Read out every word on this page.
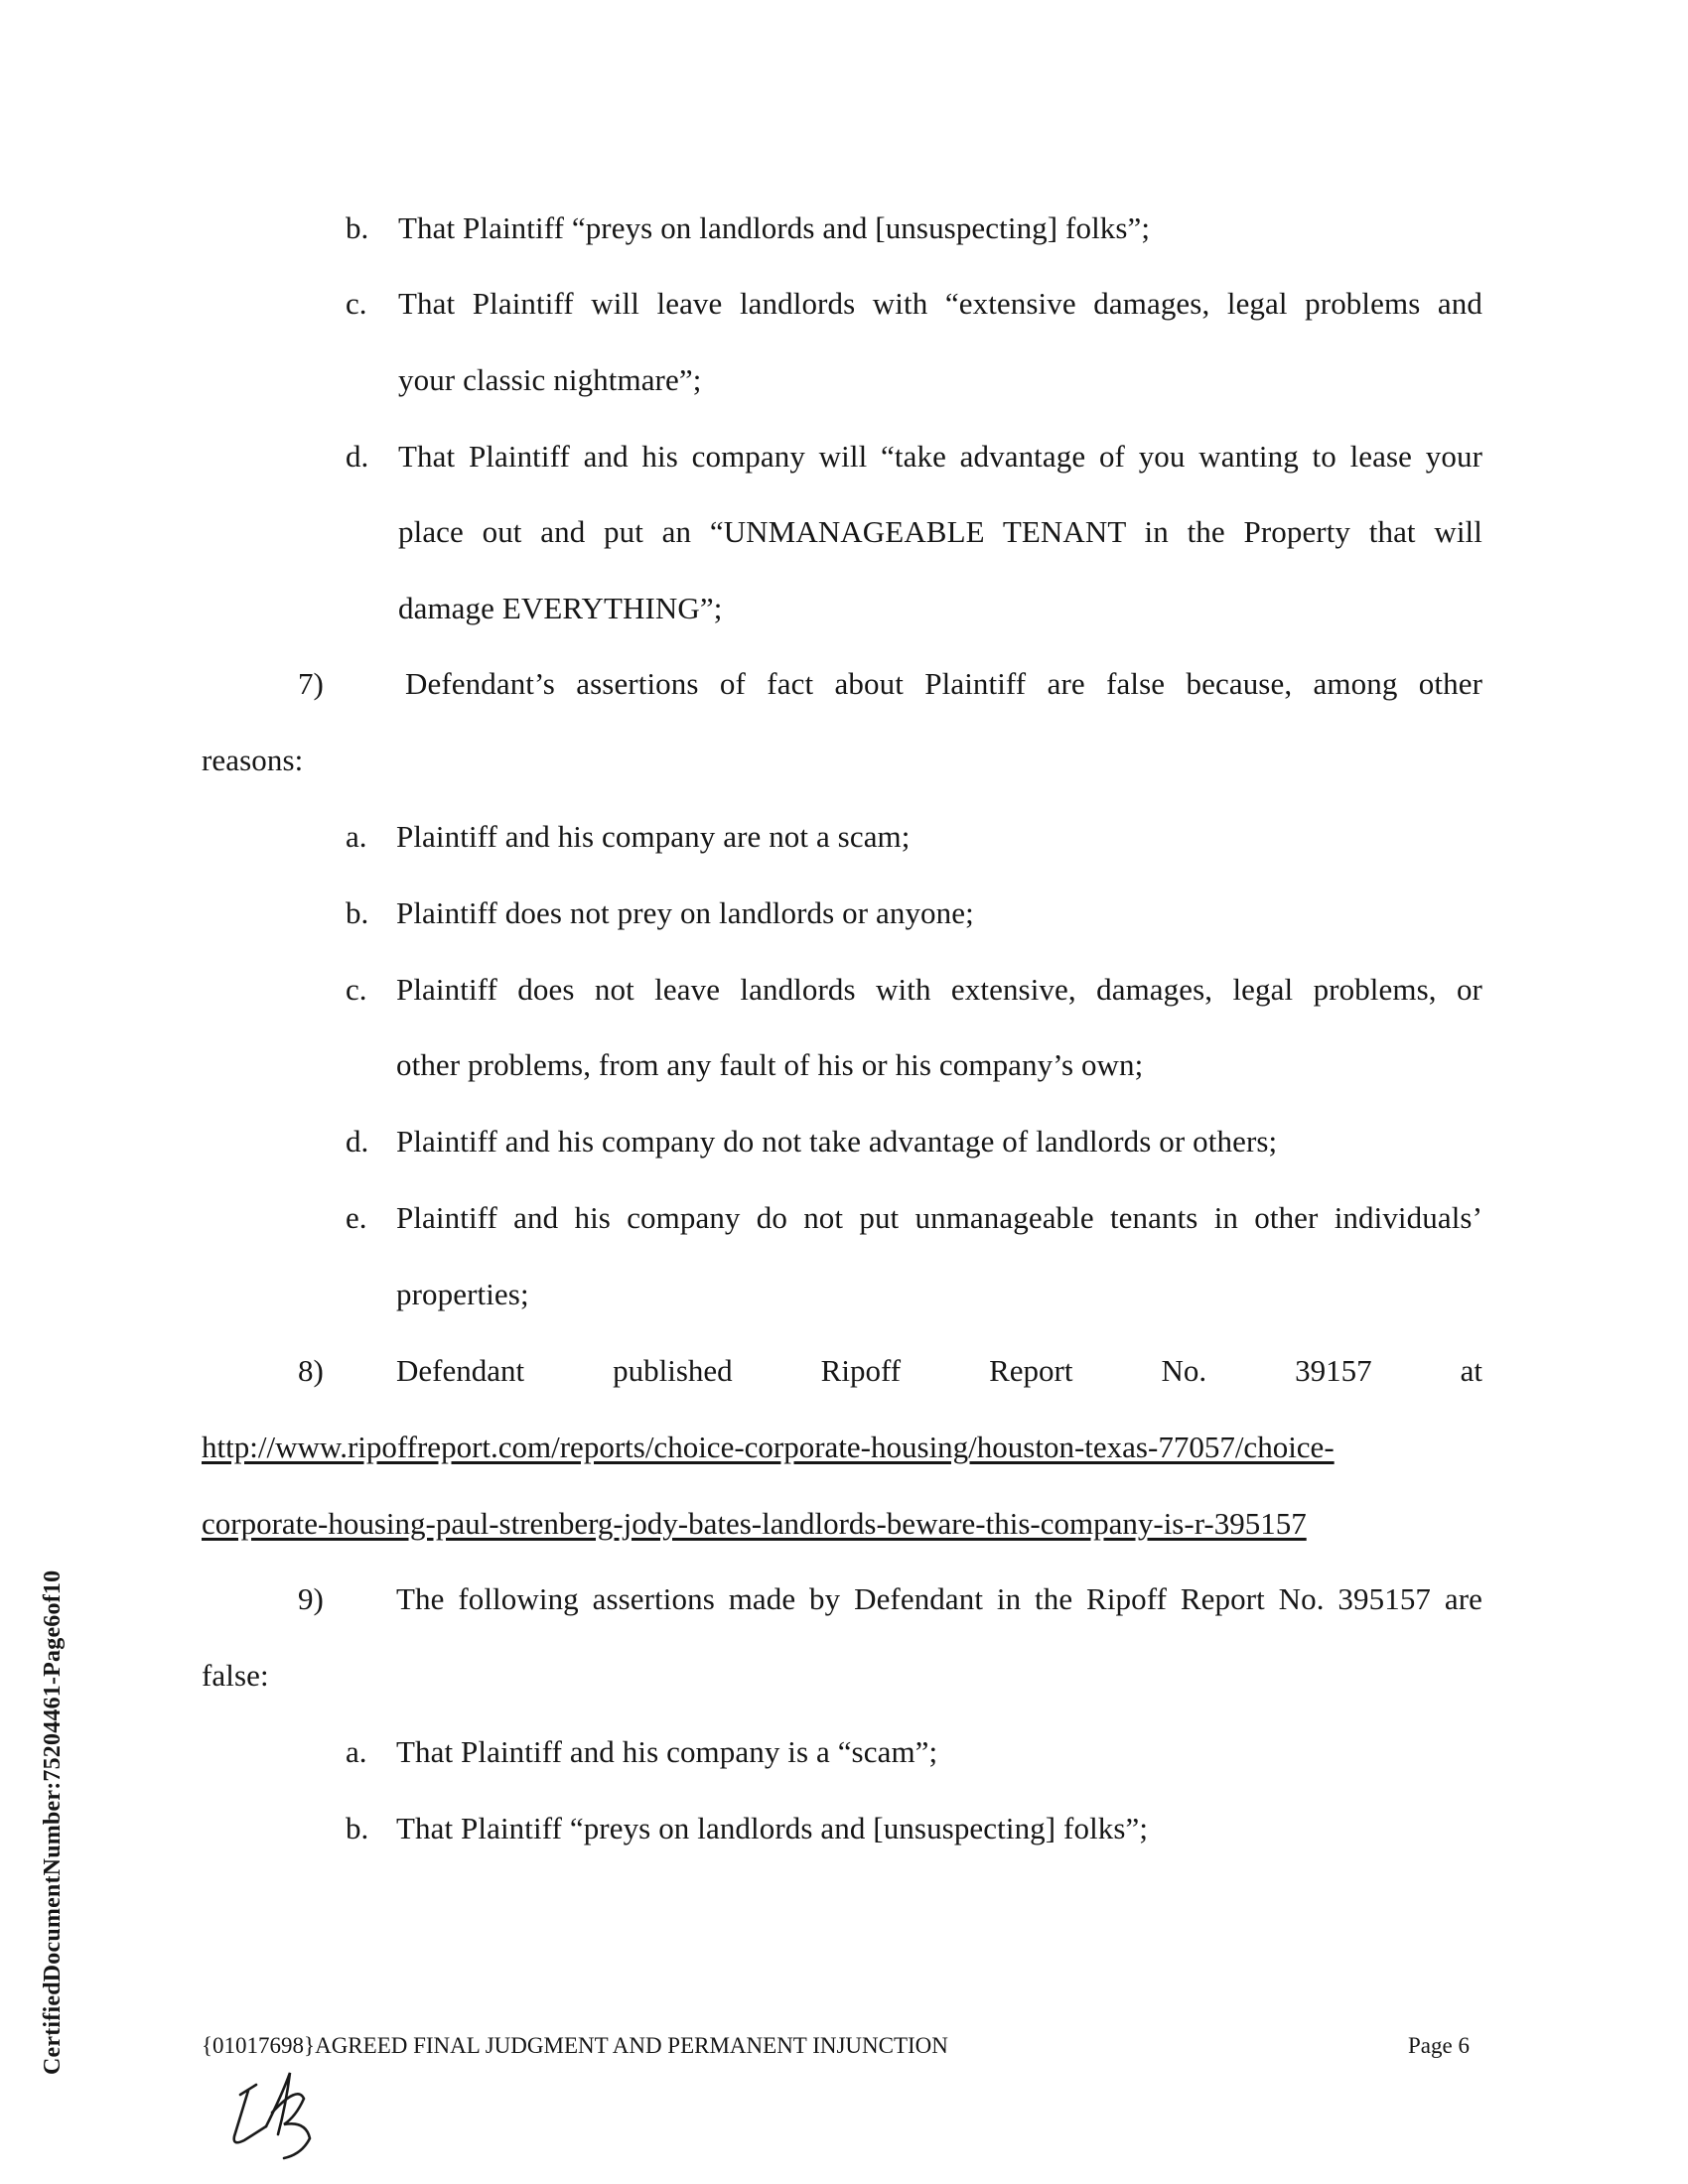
b. That Plaintiff “preys on landlords and [unsuspecting] folks”;
c. That Plaintiff will leave landlords with “extensive damages, legal problems and
your classic nightmare”;
d. That Plaintiff and his company will “take advantage of you wanting to lease your
place out and put an “UNMANAGEABLE TENANT in the Property that will
damage EVERYTHING”;
7)	Defendant’s assertions of fact about Plaintiff are false because, among other
reasons:
a. Plaintiff and his company are not a scam;
b. Plaintiff does not prey on landlords or anyone;
c. Plaintiff does not leave landlords with extensive, damages, legal problems, or
other problems, from any fault of his or his company’s own;
d. Plaintiff and his company do not take advantage of landlords or others;
e. Plaintiff and his company do not put unmanageable tenants in other individuals’
properties;
8) Defendant	published	Ripoff	Report	No.	39157	at
http://www.ripoffreport.com/reports/choice-corporate-housing/houston-texas-77057/choice-
corporate-housing-paul-strenberg-jody-bates-landlords-beware-this-company-is-r-395157
9) The following assertions made by Defendant in the Ripoff Report No. 395157 are
false:
a. That Plaintiff and his company is a “scam”;
b. That Plaintiff “preys on landlords and [unsuspecting] folks”;
{01017698}AGREED FINAL JUDGMENT AND PERMANENT INJUNCTION	Page 6
CertifiedDocumentNumber:75204461-Page6of10
